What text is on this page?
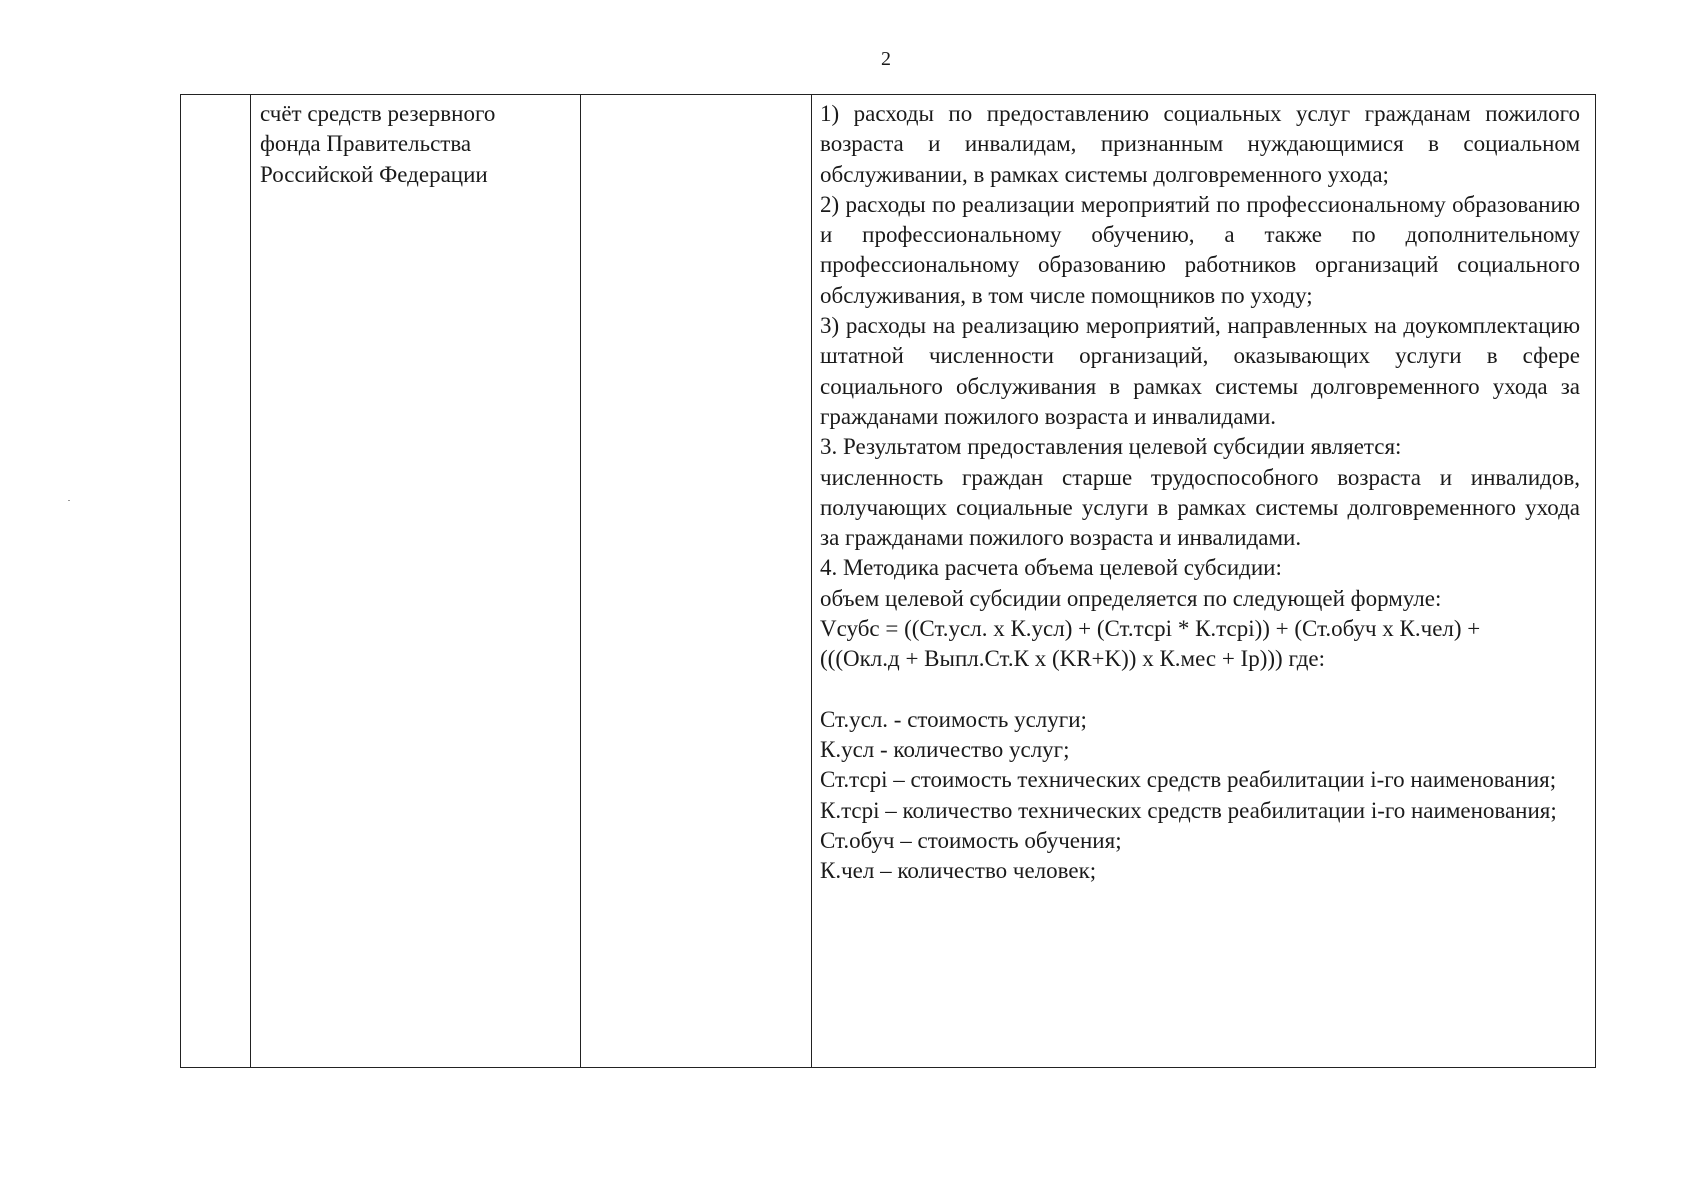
2
счёт средств резервного фонда Правительства Российской Федерации

1) расходы по предоставлению социальных услуг гражданам пожилого возраста и инвалидам, признанным нуждающимися в социальном обслуживании, в рамках системы долговременного ухода;

2) расходы по реализации мероприятий по профессиональному образованию и профессиональному обучению, а также по дополнительному профессиональному образованию работников организаций социального обслуживания, в том числе помощников по уходу;

3) расходы на реализацию мероприятий, направленных на доукомплектацию штатной численности организаций, оказывающих услуги в сфере социального обслуживания в рамках системы долговременного ухода за гражданами пожилого возраста и инвалидами.

3. Результатом предоставления целевой субсидии является:

численность граждан старше трудоспособного возраста и инвалидов, получающих социальные услуги в рамках системы долговременного ухода за гражданами пожилого возраста и инвалидами.

4. Методика расчета объема целевой субсидии:

объем целевой субсидии определяется по следующей формуле:

Vсубс = ((Ст.усл. x К.усл) + (Ст.тсрi * К.тсрi)) + (Ст.обуч x К.чел) +
(((Окл.д + Выпл.Ст.К x (KR+K)) x К.мес + Iр))) где:

Ст.усл. - стоимость услуги;

К.усл - количество услуг;

Ст.тсрi – стоимость технических средств реабилитации i-го наименования;

К.тсрi – количество технических средств реабилитации i-го наименования;

Ст.обуч – стоимость обучения;

К.чел – количество человек;
